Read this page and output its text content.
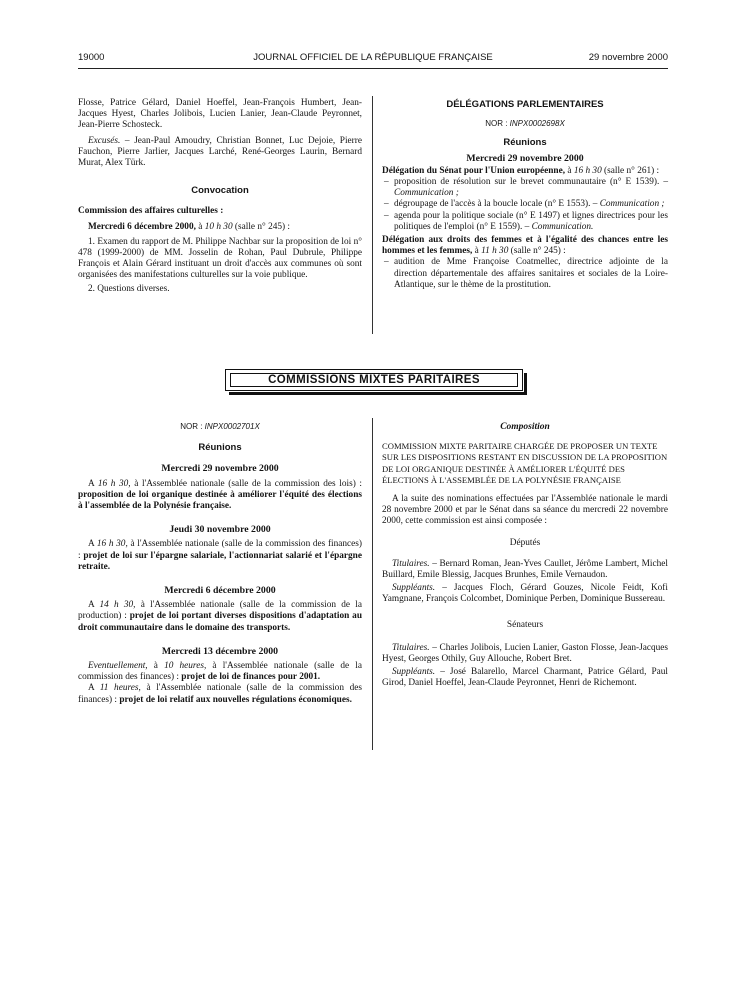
19000	JOURNAL OFFICIEL DE LA RÉPUBLIQUE FRANÇAISE	29 novembre 2000

Flosse, Patrice Gélard, Daniel Hoeffel, Jean-François Humbert, Jean-Jacques Hyest, Charles Jolibois, Lucien Lanier, Jean-Claude Peyronnet, Jean-Pierre Schosteck.

Excusés. – Jean-Paul Amoudry, Christian Bonnet, Luc Dejoie, Pierre Fauchon, Pierre Jarlier, Jacques Larché, René-Georges Laurin, Bernard Murat, Alex Türk.

Convocation

Commission des affaires culturelles :

Mercredi 6 décembre 2000, à 10 h 30 (salle n° 245) :

1. Examen du rapport de M. Philippe Nachbar sur la proposition de loi n° 478 (1999-2000) de MM. Josselin de Rohan, Paul Dubrule, Philippe François et Alain Gérard instituant un droit d'accès aux communes où sont organisées des manifestations culturelles sur la voie publique.

2. Questions diverses.

DÉLÉGATIONS PARLEMENTAIRES

NOR : INPX0002698X

Réunions

Mercredi 29 novembre 2000

Délégation du Sénat pour l'Union européenne, à 16 h 30 (salle n° 261) :

– proposition de résolution sur le brevet communautaire (n° E 1539). – Communication ;
– dégroupage de l'accès à la boucle locale (n° E 1553). – Communication ;
– agenda pour la politique sociale (n° E 1497) et lignes directrices pour les politiques de l'emploi (n° E 1559). – Communication.

Délégation aux droits des femmes et à l'égalité des chances entre les hommes et les femmes, à 11 h 30 (salle n° 245) :

– audition de Mme Françoise Coatmellec, directrice adjointe de la direction départementale des affaires sanitaires et sociales de la Loire-Atlantique, sur le thème de la prostitution.
COMMISSIONS MIXTES PARITAIRES

NOR : INPX0002701X

Réunions

Mercredi 29 novembre 2000

A 16 h 30, à l'Assemblée nationale (salle de la commission des lois) : proposition de loi organique destinée à améliorer l'équité des élections à l'assemblée de la Polynésie française.

Jeudi 30 novembre 2000

A 16 h 30, à l'Assemblée nationale (salle de la commission des finances) : projet de loi sur l'épargne salariale, l'actionnariat salarié et l'épargne retraite.

Mercredi 6 décembre 2000

A 14 h 30, à l'Assemblée nationale (salle de la commission de la production) : projet de loi portant diverses dispositions d'adaptation au droit communautaire dans le domaine des transports.

Mercredi 13 décembre 2000

Eventuellement, à 10 heures, à l'Assemblée nationale (salle de la commission des finances) : projet de loi de finances pour 2001.

A 11 heures, à l'Assemblée nationale (salle de la commission des finances) : projet de loi relatif aux nouvelles régulations économiques.

Composition

COMMISSION MIXTE PARITAIRE CHARGÉE DE PROPOSER UN TEXTE SUR LES DISPOSITIONS RESTANT EN DISCUSSION DE LA PROPOSITION DE LOI ORGANIQUE DESTINÉE À AMÉLIORER L'ÉQUITÉ DES ÉLECTIONS À L'ASSEMBLÉE DE LA POLYNÉSIE FRANÇAISE

A la suite des nominations effectuées par l'Assemblée nationale le mardi 28 novembre 2000 et par le Sénat dans sa séance du mercredi 22 novembre 2000, cette commission est ainsi composée :

Députés

Titulaires. – Bernard Roman, Jean-Yves Caullet, Jérôme Lambert, Michel Buillard, Emile Blessig, Jacques Brunhes, Emile Vernaudon.

Suppléants. – Jacques Floch, Gérard Gouzes, Nicole Feidt, Kofi Yamgnane, François Colcombet, Dominique Perben, Dominique Bussereau.

Sénateurs

Titulaires. – Charles Jolibois, Lucien Lanier, Gaston Flosse, Jean-Jacques Hyest, Georges Othily, Guy Allouche, Robert Bret.

Suppléants. – José Balarello, Marcel Charmant, Patrice Gélard, Paul Girod, Daniel Hoeffel, Jean-Claude Peyronnet, Henri de Richemont.
